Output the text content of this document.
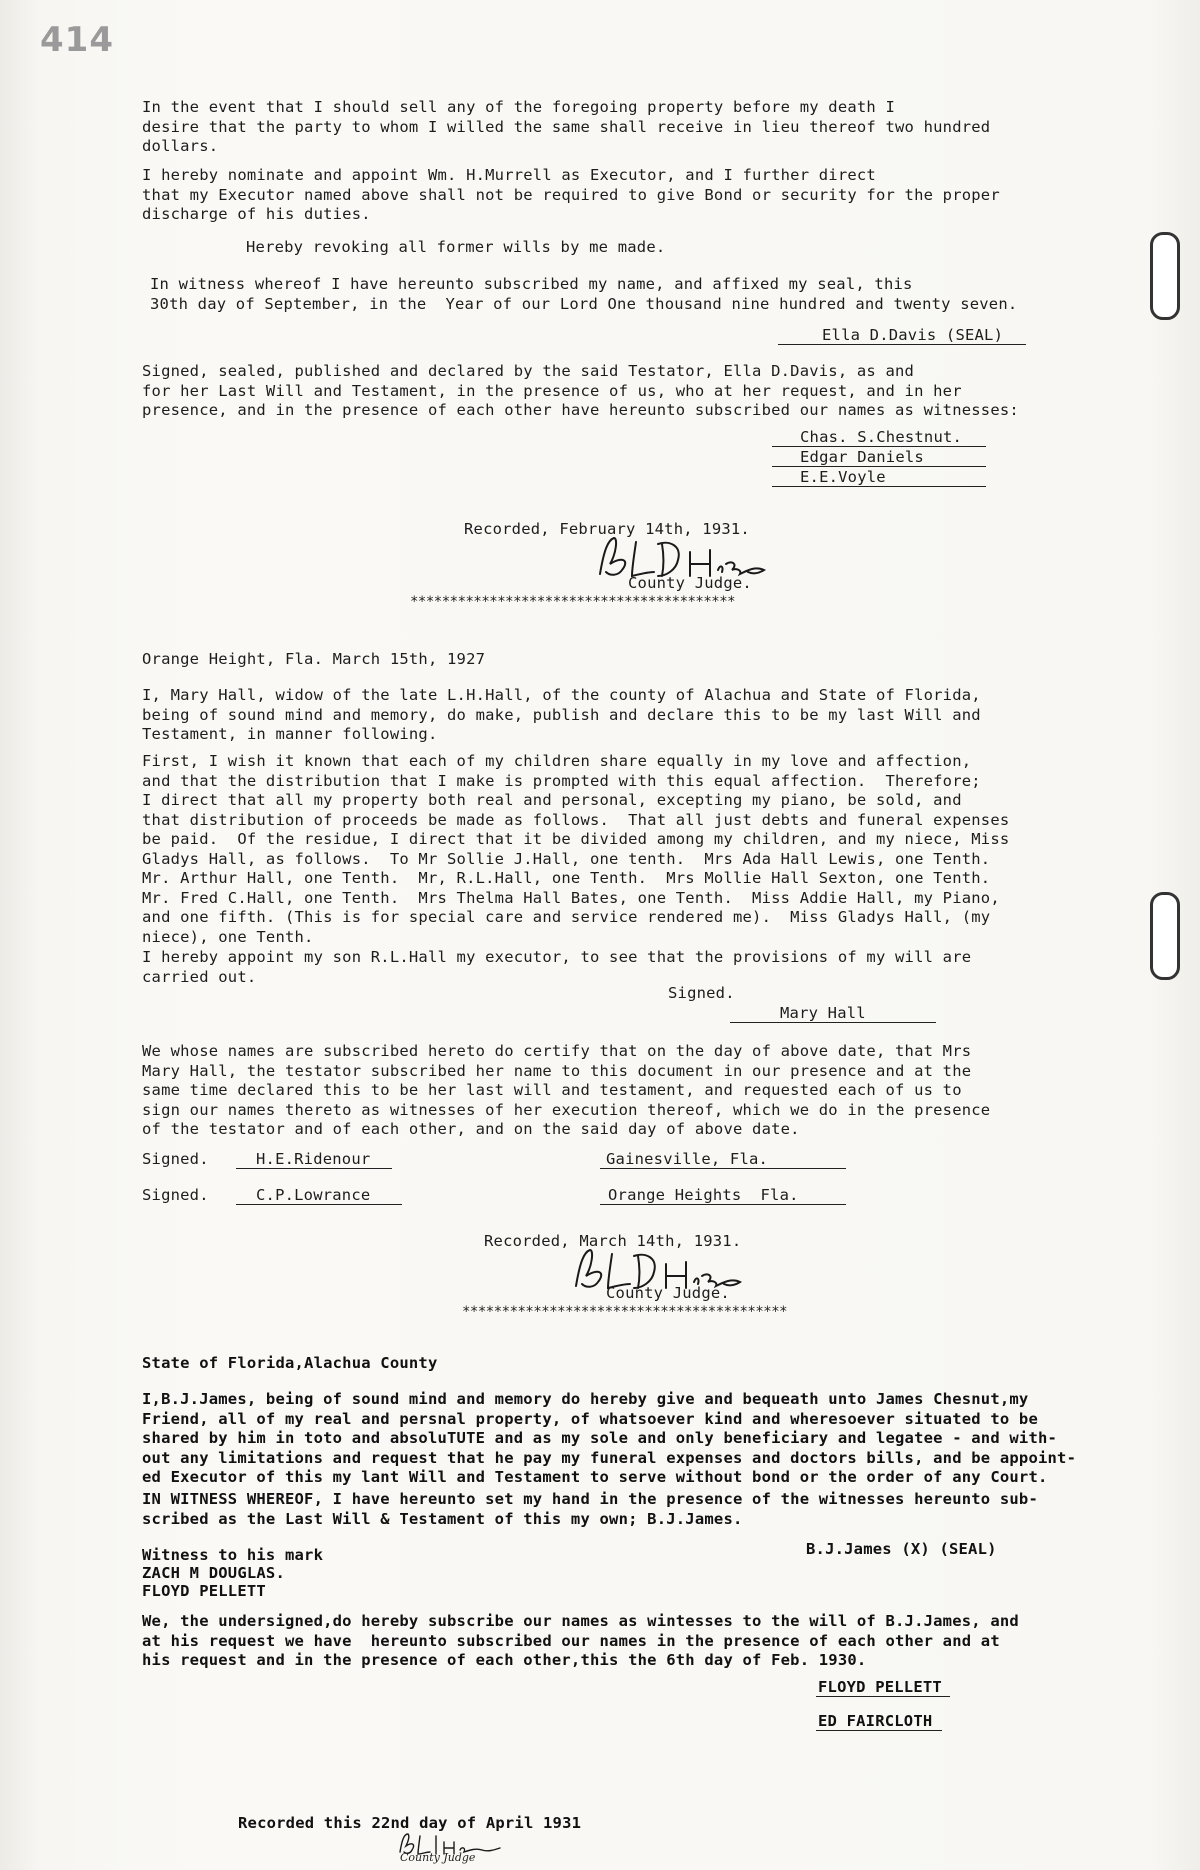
414
In the event that I should sell any of the foregoing property before my death I
desire that the party to whom I willed the same shall receive in lieu thereof two hundred
dollars.
I hereby nominate and appoint Wm. H.Murrell as Executor, and I further direct
that my Executor named above shall not be required to give Bond or security for the proper
discharge of his duties.
Hereby revoking all former wills by me made.
In witness whereof I have hereunto subscribed my name, and affixed my seal, this
30th day of September, in the  Year of our Lord One thousand nine hundred and twenty seven.
Ella D.Davis (SEAL)
Signed, sealed, published and declared by the said Testator, Ella D.Davis, as and
for her Last Will and Testament, in the presence of us, who at her request, and in her
presence, and in the presence of each other have hereunto subscribed our names as witnesses:
Chas. S.Chestnut.
Edgar Daniels
E.E.Voyle
Recorded, February 14th, 1931.
County Judge.
*****************************************
Orange Height, Fla. March 15th, 1927
I, Mary Hall, widow of the late L.H.Hall, of the county of Alachua and State of Florida,
being of sound mind and memory, do make, publish and declare this to be my last Will and
Testament, in manner following.
First, I wish it known that each of my children share equally in my love and affection,
and that the distribution that I make is prompted with this equal affection.  Therefore;
I direct that all my property both real and personal, excepting my piano, be sold, and
that distribution of proceeds be made as follows.  That all just debts and funeral expenses
be paid.  Of the residue, I direct that it be divided among my children, and my niece, Miss
Gladys Hall, as follows.  To Mr Sollie J.Hall, one tenth.  Mrs Ada Hall Lewis, one Tenth.
Mr. Arthur Hall, one Tenth.  Mr, R.L.Hall, one Tenth.  Mrs Mollie Hall Sexton, one Tenth.
Mr. Fred C.Hall, one Tenth.  Mrs Thelma Hall Bates, one Tenth.  Miss Addie Hall, my Piano,
and one fifth. (This is for special care and service rendered me).  Miss Gladys Hall, (my
niece), one Tenth.
I hereby appoint my son R.L.Hall my executor, to see that the provisions of my will are
carried out.
Signed.
Mary Hall
We whose names are subscribed hereto do certify that on the day of above date, that Mrs
Mary Hall, the testator subscribed her name to this document in our presence and at the
same time declared this to be her last will and testament, and requested each of us to
sign our names thereto as witnesses of her execution thereof, which we do in the presence
of the testator and of each other, and on the said day of above date.
Signed.	H.E.Ridenour	Gainesville, Fla.
Signed.	C.P.Lowrance	Orange Heights  Fla.
Recorded, March 14th, 1931.
County Judge.
*****************************************
State of Florida,Alachua County
I,B.J.James, being of sound mind and memory do hereby give and bequeath unto James Chesnut,my
Friend, all of my real and persnal property, of whatsoever kind and wheresoever situated to be
shared by him in toto and absoluTUTE and as my sole and only beneficiary and legatee - and with-
out any limitations and request that he pay my funeral expenses and doctors bills, and be appoint-
ed Executor of this my lant Will and Testament to serve without bond or the order of any Court.
IN WITNESS WHEREOF, I have hereunto set my hand in the presence of the witnesses hereunto sub-
scribed as the Last Will & Testament of this my own; B.J.James.
Witness to his mark
ZACH M DOUGLAS.
FLOYD PELLETT
B.J.James (X) (SEAL)
We, the undersigned,do hereby subscribe our names as wintesses to the will of B.J.James, and
at his request we have  hereunto subscribed our names in the presence of each other and at
his request and in the presence of each other,this the 6th day of Feb. 1930.
FLOYD PELLETT
ED FAIRCLOTH
Recorded this 22nd day of April 1931
County Judge
